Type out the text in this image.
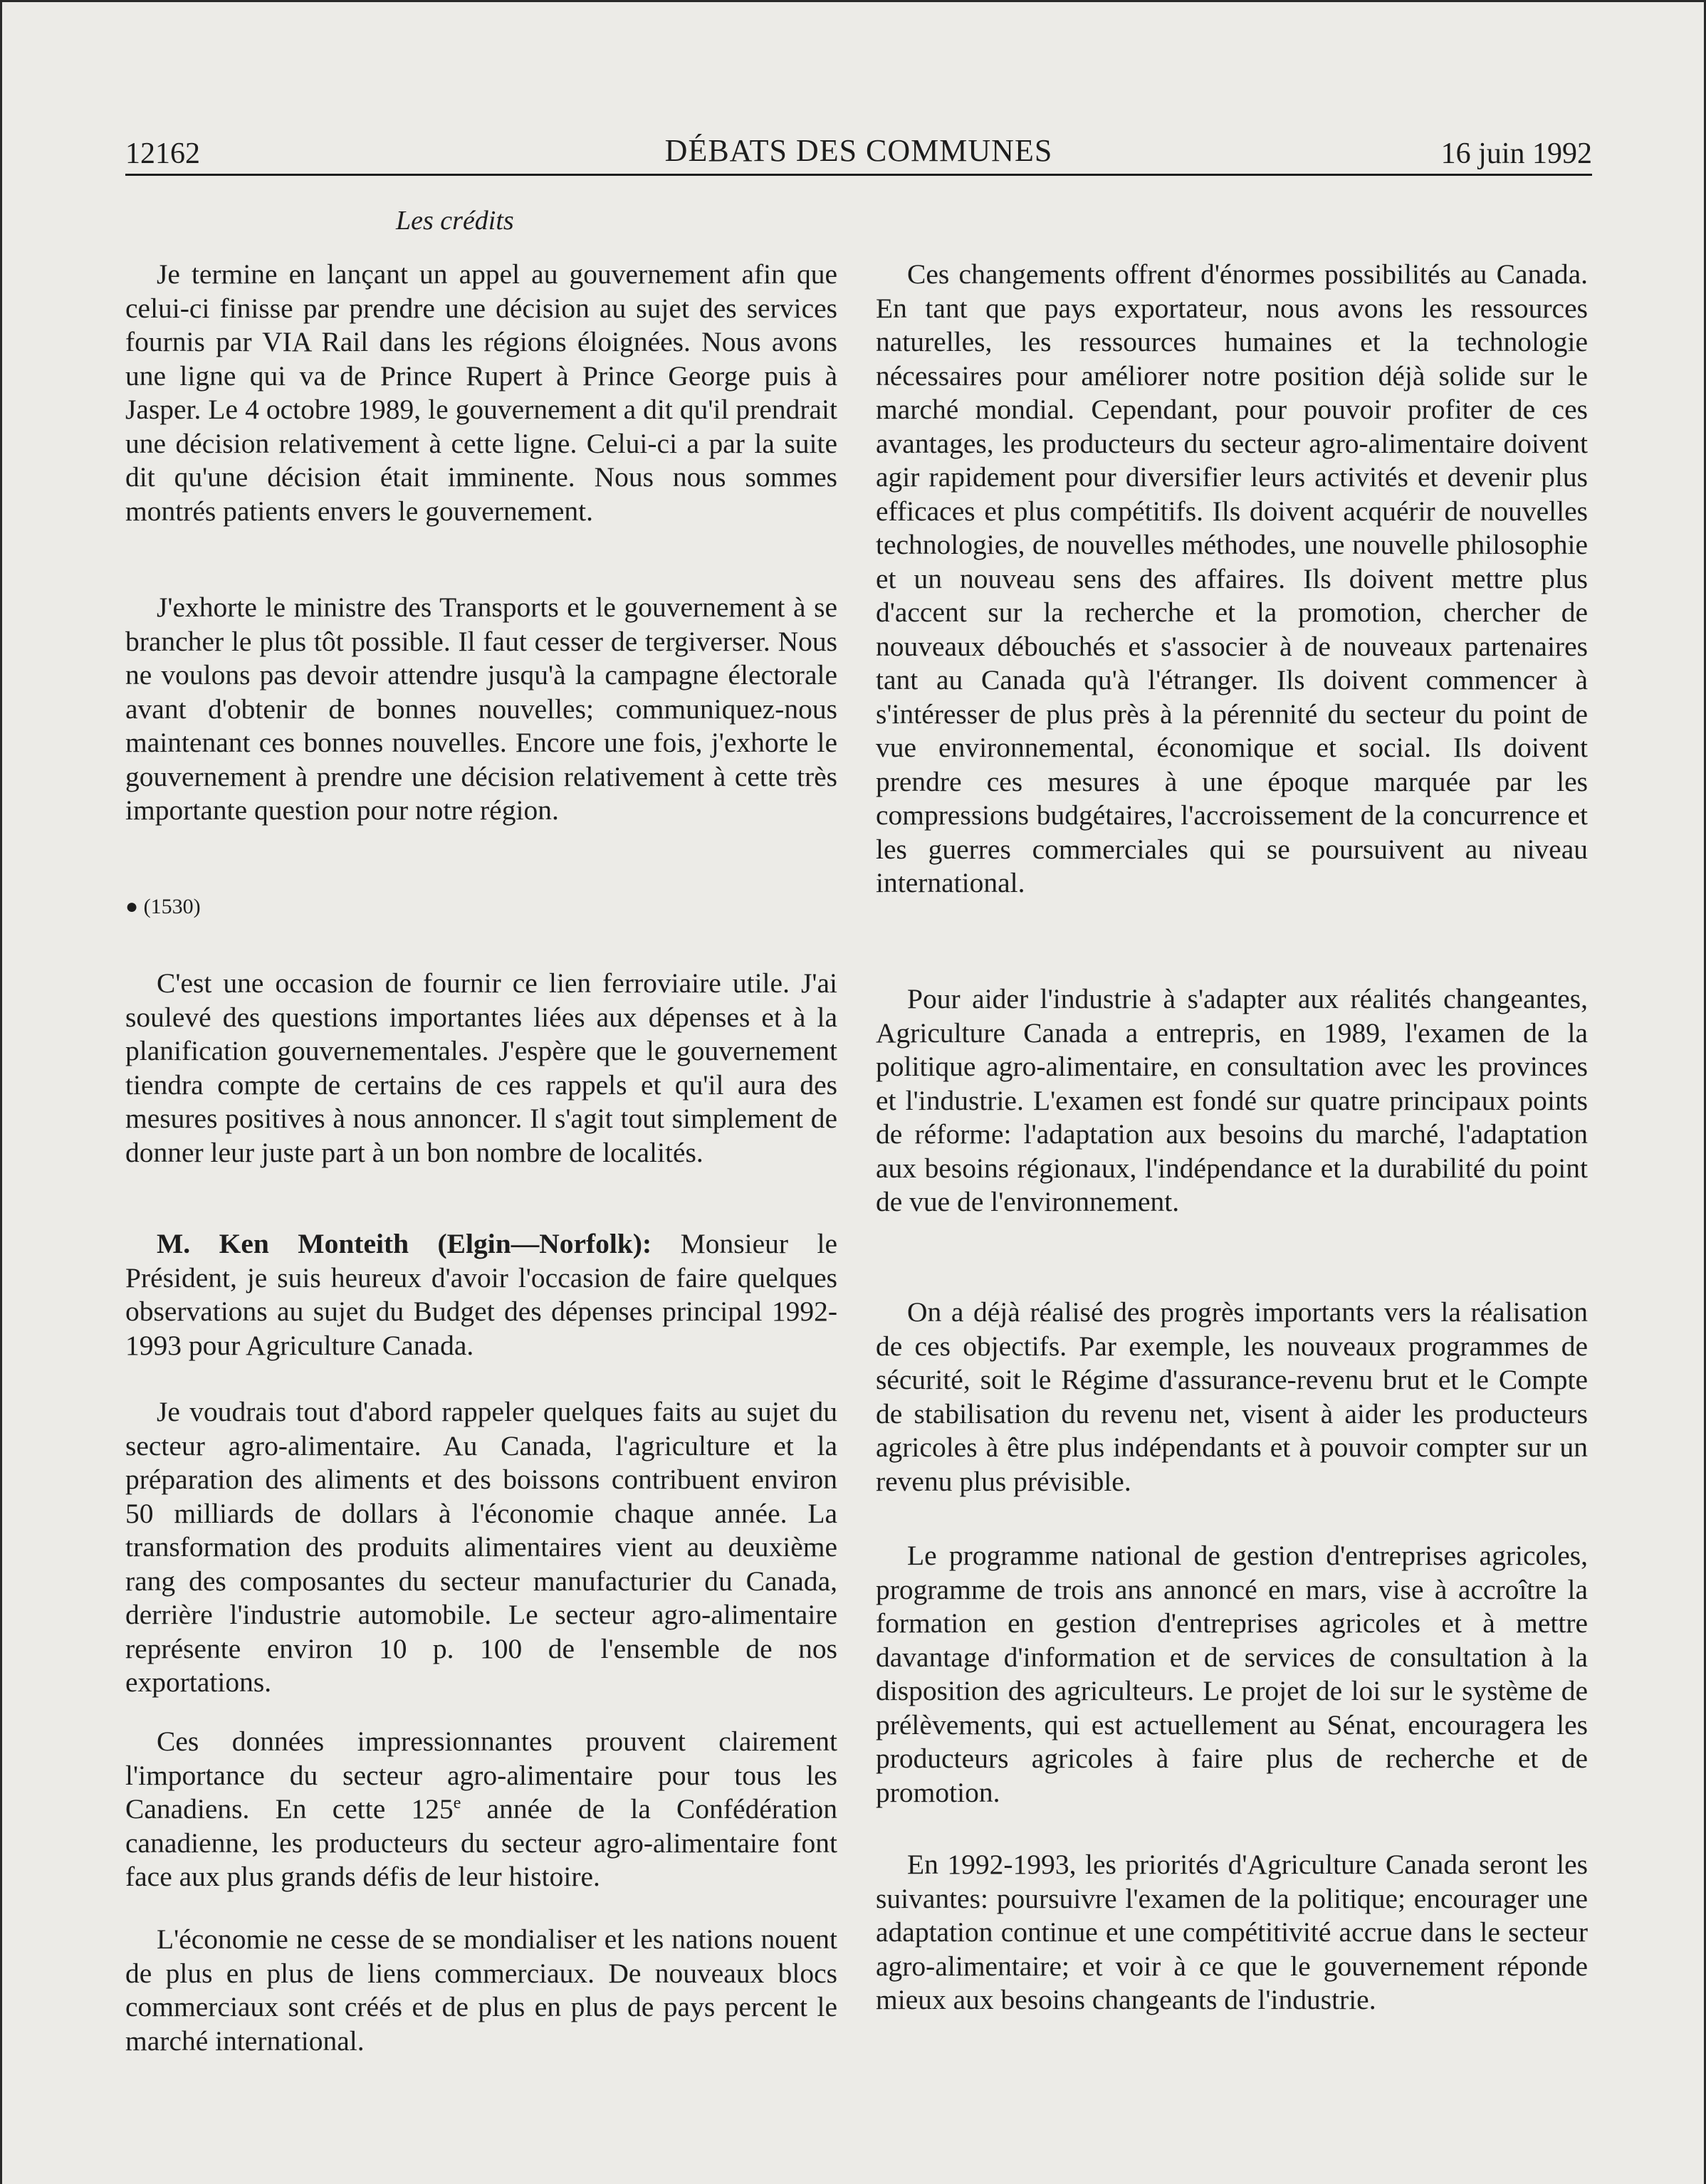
12162	DÉBATS DES COMMUNES	16 juin 1992
Les crédits

Je termine en lançant un appel au gouvernement afin que celui-ci finisse par prendre une décision au sujet des services fournis par VIA Rail dans les régions éloignées. Nous avons une ligne qui va de Prince Rupert à Prince George puis à Jasper. Le 4 octobre 1989, le gouvernement a dit qu'il prendrait une décision relativement à cette ligne. Celui-ci a par la suite dit qu'une décision était imminente. Nous nous sommes montrés patients envers le gouvernement.

J'exhorte le ministre des Transports et le gouvernement à se brancher le plus tôt possible. Il faut cesser de tergiverser. Nous ne voulons pas devoir attendre jusqu'à la campagne électorale avant d'obtenir de bonnes nouvelles; communiquez-nous maintenant ces bonnes nouvelles. Encore une fois, j'exhorte le gouvernement à prendre une décision relativement à cette très importante question pour notre région.

● (1530)

C'est une occasion de fournir ce lien ferroviaire utile. J'ai soulevé des questions importantes liées aux dépenses et à la planification gouvernementales. J'espère que le gouvernement tiendra compte de certains de ces rappels et qu'il aura des mesures positives à nous annoncer. Il s'agit tout simplement de donner leur juste part à un bon nombre de localités.

M. Ken Monteith (Elgin—Norfolk): Monsieur le Président, je suis heureux d'avoir l'occasion de faire quelques observations au sujet du Budget des dépenses principal 1992-1993 pour Agriculture Canada.

Je voudrais tout d'abord rappeler quelques faits au sujet du secteur agro-alimentaire. Au Canada, l'agriculture et la préparation des aliments et des boissons contribuent environ 50 milliards de dollars à l'économie chaque année. La transformation des produits alimentaires vient au deuxième rang des composantes du secteur manufacturier du Canada, derrière l'industrie automobile. Le secteur agro-alimentaire représente environ 10 p. 100 de l'ensemble de nos exportations.

Ces données impressionnantes prouvent clairement l'importance du secteur agro-alimentaire pour tous les Canadiens. En cette 125e année de la Confédération canadienne, les producteurs du secteur agro-alimentaire font face aux plus grands défis de leur histoire.

L'économie ne cesse de se mondialiser et les nations nouent de plus en plus de liens commerciaux. De nouveaux blocs commerciaux sont créés et de plus en plus de pays percent le marché international.

Ces changements offrent d'énormes possibilités au Canada. En tant que pays exportateur, nous avons les ressources naturelles, les ressources humaines et la technologie nécessaires pour améliorer notre position déjà solide sur le marché mondial. Cependant, pour pouvoir profiter de ces avantages, les producteurs du secteur agro-alimentaire doivent agir rapidement pour diversifier leurs activités et devenir plus efficaces et plus compétitifs. Ils doivent acquérir de nouvelles technologies, de nouvelles méthodes, une nouvelle philosophie et un nouveau sens des affaires. Ils doivent mettre plus d'accent sur la recherche et la promotion, chercher de nouveaux débouchés et s'associer à de nouveaux partenaires tant au Canada qu'à l'étranger. Ils doivent commencer à s'intéresser de plus près à la pérennité du secteur du point de vue environnemental, économique et social. Ils doivent prendre ces mesures à une époque marquée par les compressions budgétaires, l'accroissement de la concurrence et les guerres commerciales qui se poursuivent au niveau international.

Pour aider l'industrie à s'adapter aux réalités changeantes, Agriculture Canada a entrepris, en 1989, l'examen de la politique agro-alimentaire, en consultation avec les provinces et l'industrie. L'examen est fondé sur quatre principaux points de réforme: l'adaptation aux besoins du marché, l'adaptation aux besoins régionaux, l'indépendance et la durabilité du point de vue de l'environnement.

On a déjà réalisé des progrès importants vers la réalisation de ces objectifs. Par exemple, les nouveaux programmes de sécurité, soit le Régime d'assurance-revenu brut et le Compte de stabilisation du revenu net, visent à aider les producteurs agricoles à être plus indépendants et à pouvoir compter sur un revenu plus prévisible.

Le programme national de gestion d'entreprises agricoles, programme de trois ans annoncé en mars, vise à accroître la formation en gestion d'entreprises agricoles et à mettre davantage d'information et de services de consultation à la disposition des agriculteurs. Le projet de loi sur le système de prélèvements, qui est actuellement au Sénat, encouragera les producteurs agricoles à faire plus de recherche et de promotion.

En 1992-1993, les priorités d'Agriculture Canada seront les suivantes: poursuivre l'examen de la politique; encourager une adaptation continue et une compétitivité accrue dans le secteur agro-alimentaire; et voir à ce que le gouvernement réponde mieux aux besoins changeants de l'industrie.
